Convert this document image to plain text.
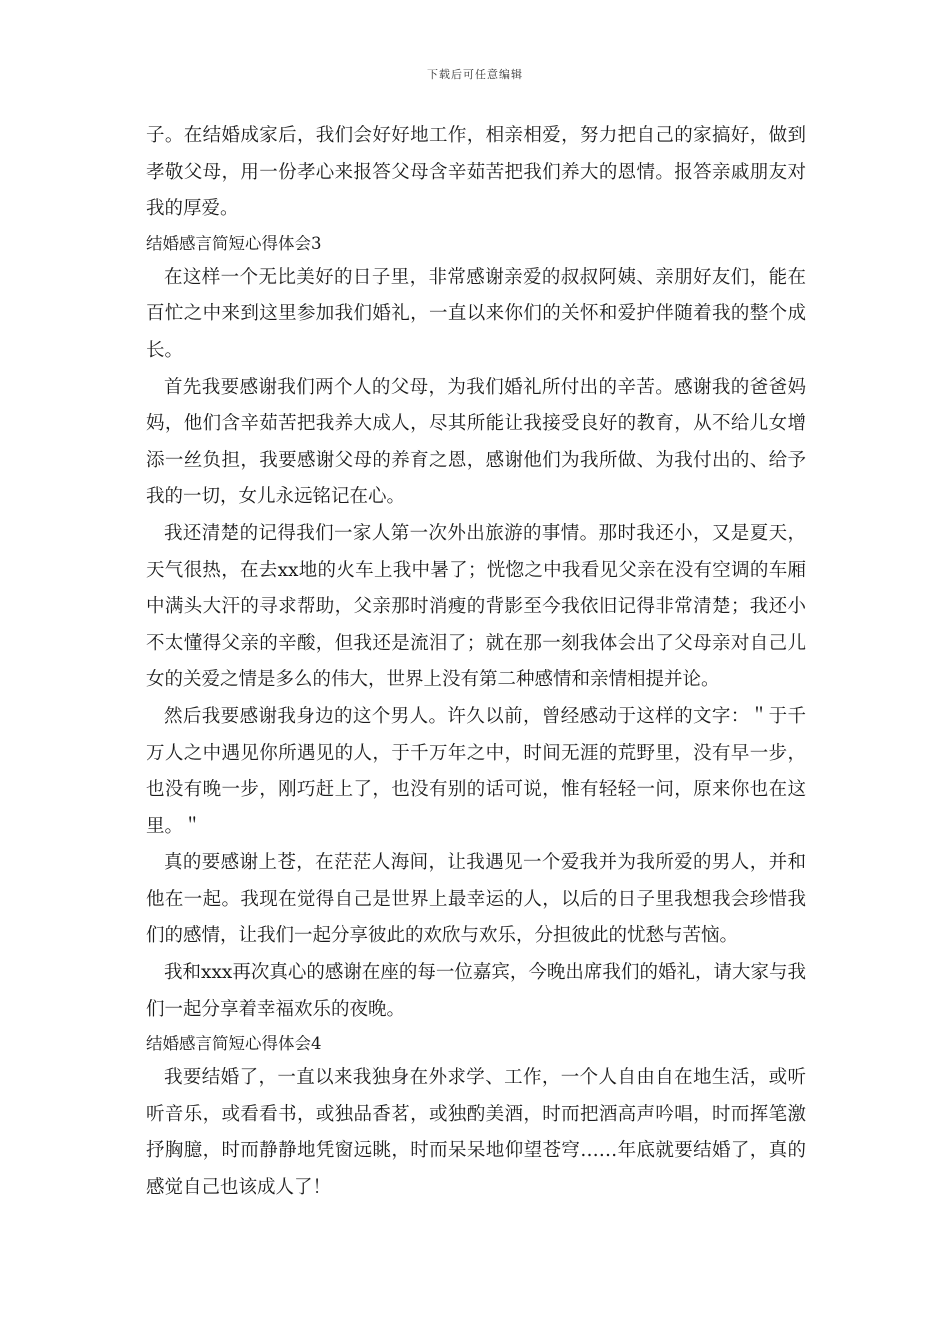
下载后可任意编辑

子。在结婚成家后，我们会好好地工作，相亲相爱，努力把自己的家搞好，做到孝敬父母，用一份孝心来报答父母含辛茹苦把我们养大的恩情。报答亲戚朋友对我的厚爱。

结婚感言简短心得体会3

在这样一个无比美好的日子里，非常感谢亲爱的叔叔阿姨、亲朋好友们，能在百忙之中来到这里参加我们婚礼，一直以来你们的关怀和爱护伴随着我的整个成长。

首先我要感谢我们两个人的父母，为我们婚礼所付出的辛苦。感谢我的爸爸妈妈，他们含辛茹苦把我养大成人，尽其所能让我接受良好的教育，从不给儿女增添一丝负担，我要感谢父母的养育之恩，感谢他们为我所做、为我付出的、给予我的一切，女儿永远铭记在心。

我还清楚的记得我们一家人第一次外出旅游的事情。那时我还小，又是夏天，天气很热，在去xx地的火车上我中暑了；恍惚之中我看见父亲在没有空调的车厢中满头大汗的寻求帮助，父亲那时消瘦的背影至今我依旧记得非常清楚；我还小不太懂得父亲的辛酸，但我还是流泪了；就在那一刻我体会出了父母亲对自己儿女的关爱之情是多么的伟大，世界上没有第二种感情和亲情相提并论。

然后我要感谢我身边的这个男人。许久以前，曾经感动于这样的文字：＂于千万人之中遇见你所遇见的人，于千万年之中，时间无涯的荒野里，没有早一步，也没有晚一步，刚巧赶上了，也没有别的话可说，惟有轻轻一问，原来你也在这里。＂

真的要感谢上苍，在茫茫人海间，让我遇见一个爱我并为我所爱的男人，并和他在一起。我现在觉得自己是世界上最幸运的人，以后的日子里我想我会珍惜我们的感情，让我们一起分享彼此的欢欣与欢乐，分担彼此的忧愁与苦恼。

我和xxx再次真心的感谢在座的每一位嘉宾，今晚出席我们的婚礼，请大家与我们一起分享着幸福欢乐的夜晚。

结婚感言简短心得体会4

我要结婚了，一直以来我独身在外求学、工作，一个人自由自在地生活，或听听音乐，或看看书，或独品香茗，或独酌美酒，时而把酒高声吟唱，时而挥笔激抒胸臆，时而静静地凭窗远眺，时而呆呆地仰望苍穹……年底就要结婚了，真的感觉自己也该成人了！
